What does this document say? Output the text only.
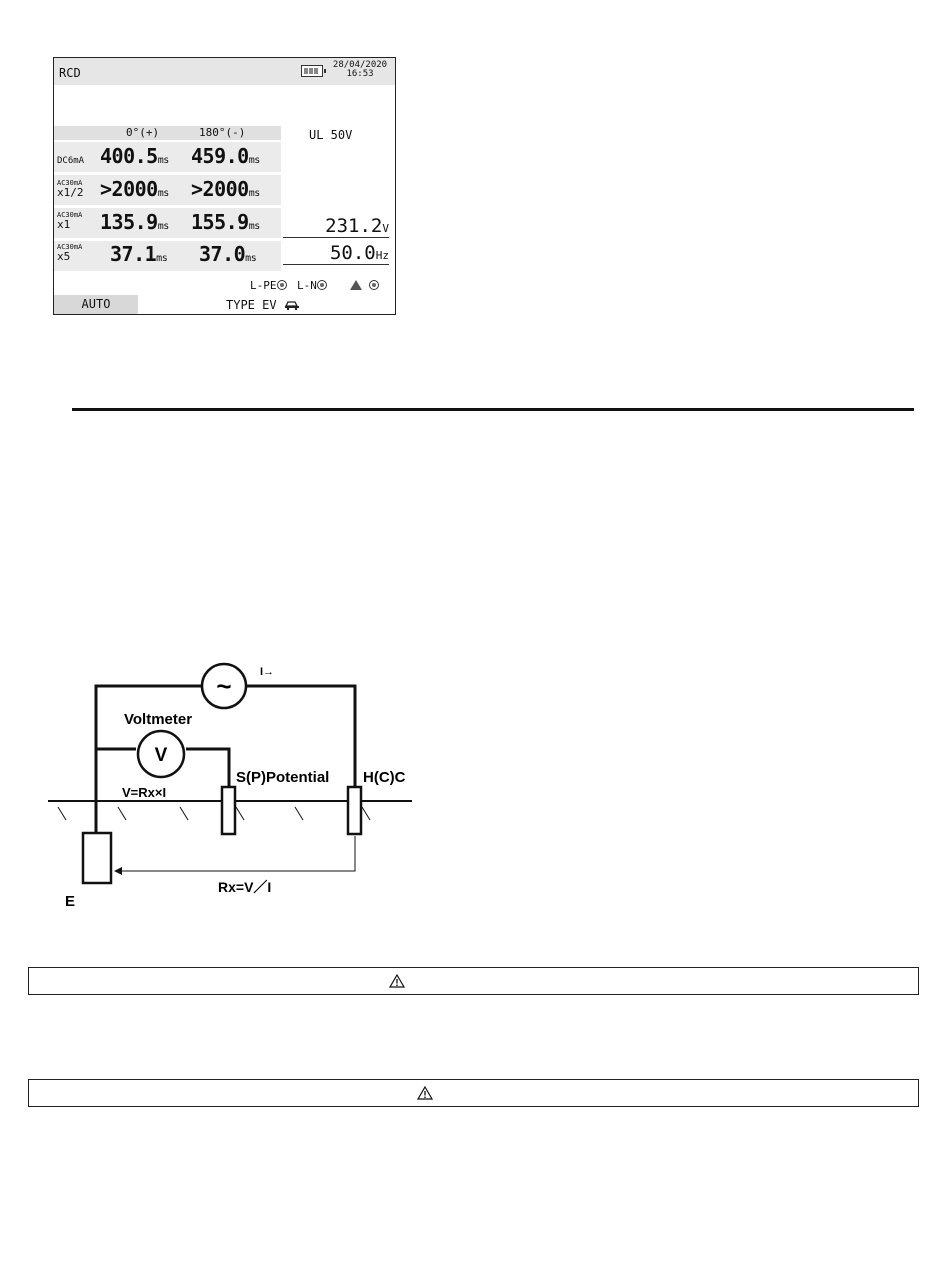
RCD
28/04/2020
16:53
0°(+)	180°(-)
DC6mA 400.5ms 459.0ms
AC30mA
x1/2 >2000ms >2000ms
AC30mA
x1	135.9ms 155.9ms
AC30mA
x5	37.1ms 37.0ms
UL 50V
231.2V
50.0Hz
L-PE	L-N

AUTO	TYPE EV
~	I→
Voltmeter
V
V=Rx×I
S(P)Potential H(C)C
E
Rx=V／I
